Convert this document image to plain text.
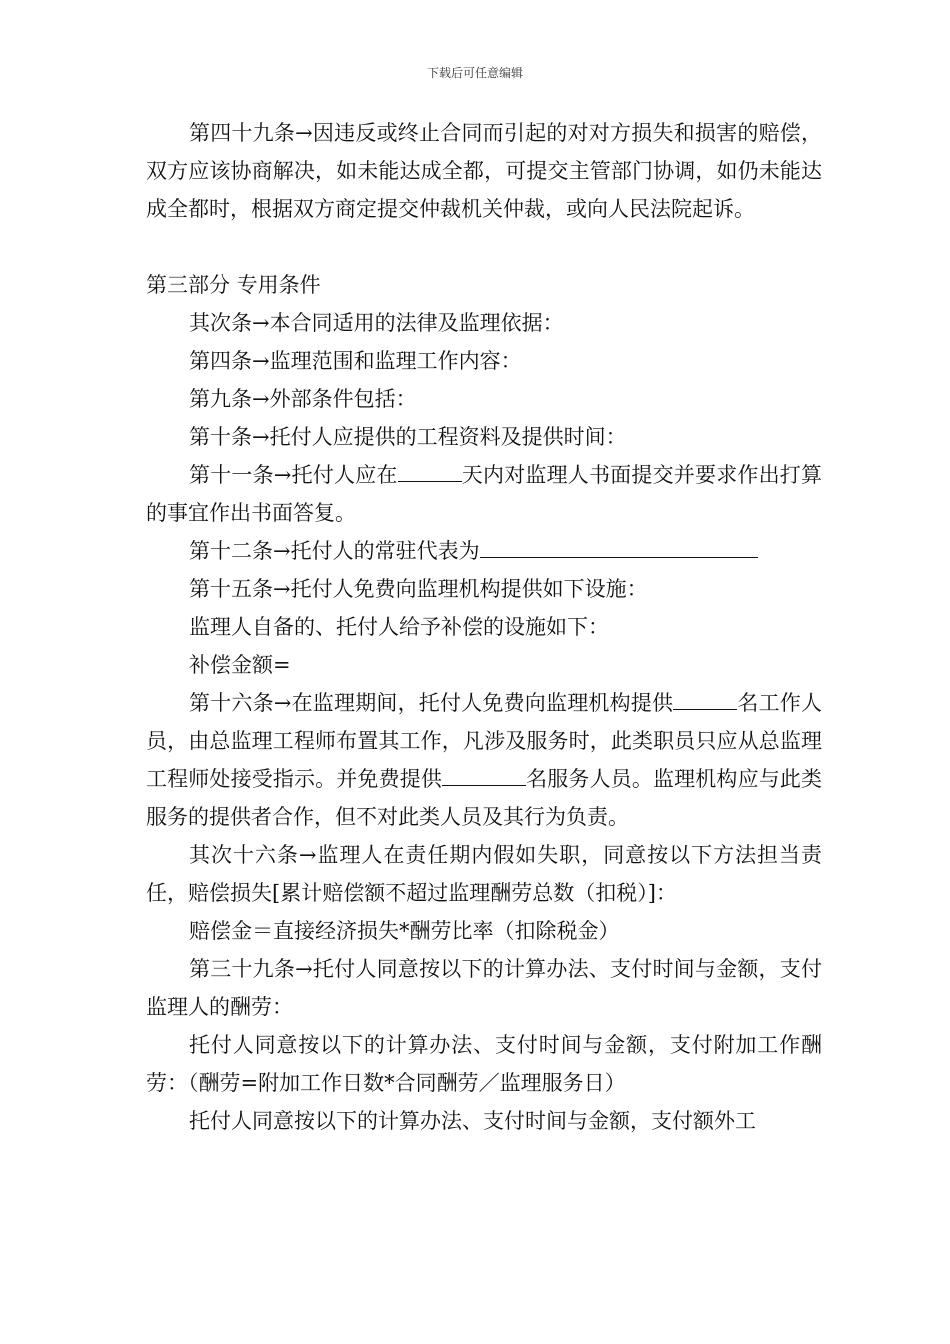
下载后可任意编辑

第四十九条→因违反或终止合同而引起的对对方损失和损害的赔偿，双方应该协商解决，如未能达成全都，可提交主管部门协调，如仍未能达成全都时，根据双方商定提交仲裁机关仲裁，或向人民法院起诉。

第三部分 专用条件

其次条→本合同适用的法律及监理依据：

第四条→监理范围和监理工作内容：

第九条→外部条件包括：

第十条→托付人应提供的工程资料及提供时间：

第十一条→托付人应在	天内对监理人书面提交并要求作出打算的事宜作出书面答复。

第十二条→托付人的常驻代表为

第十五条→托付人免费向监理机构提供如下设施：

监理人自备的、托付人给予补偿的设施如下：

补偿金额=

第十六条→在监理期间，托付人免费向监理机构提供	名工作人员，由总监理工程师布置其工作，凡涉及服务时，此类职员只应从总监理工程师处接受指示。并免费提供	名服务人员。监理机构应与此类服务的提供者合作，但不对此类人员及其行为负责。

其次十六条→监理人在责任期内假如失职，同意按以下方法担当责任，赔偿损失[累计赔偿额不超过监理酬劳总数（扣税）]：

赔偿金＝直接经济损失*酬劳比率（扣除税金）

第三十九条→托付人同意按以下的计算办法、支付时间与金额，支付监理人的酬劳：

托付人同意按以下的计算办法、支付时间与金额，支付附加工作酬劳：（酬劳=附加工作日数*合同酬劳／监理服务日）

托付人同意按以下的计算办法、支付时间与金额，支付额外工
